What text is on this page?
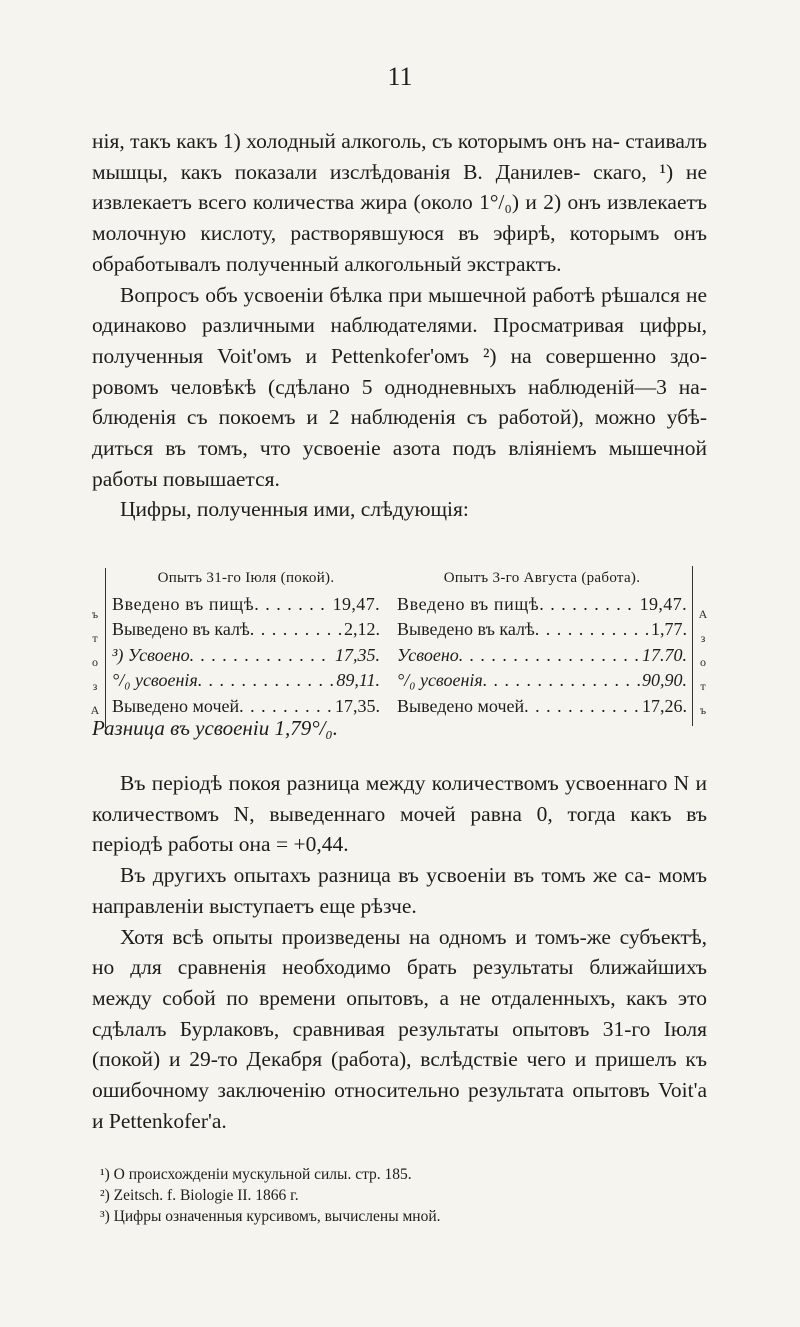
11

нія, такъ какъ 1) холодный алкоголь, съ которымъ онъ на- стаивалъ мышцы, какъ показали изслѣдованія В. Данилев- скаго, ¹) не извлекаетъ всего количества жира (около 1°/₀) и 2) онъ извлекаетъ молочную кислоту, растворявшуюся въ эфирѣ, которымъ онъ обработывалъ полученный алкогольный экстрактъ.

Вопросъ объ усвоеніи бѣлка при мышечной работѣ рѣшался не одинаково различными наблюдателями. Просматривая цифры, полученныя Voit'омъ и Pettenkofer'омъ ²) на совершенно здо- ровомъ человѣкѣ (сдѣлано 5 однодневныхъ наблюденій—3 на- блюденія съ покоемъ и 2 наблюденія съ работой), можно убѣ- диться въ томъ, что усвоеніе азота подъ вліяніемъ мышечной работы повышается.

Цифры, полученныя ими, слѣдующія:

ъ
т
о
з
А
Опытъ 31-го Іюля (покой).
Введено въ пищѣ . . .	19,47.
Выведено въ калѣ . . .	2,12.
³) Усвоено . . .	17,35.
°/₀ усвоенія . . .	89,11.
Выведено мочей . . .	17,35.
Опытъ 3-го Августа (работа).
Введено въ пищѣ . . .	19,47.
Выведено въ калѣ . . .	1,77.
Усвоено . . .	17.70.
°/₀ усвоенія . . .	90,90.
Выведено мочей . . .	17,26.
А
з
о
т
ъ
Разница въ усвоеніи 1,79°/₀.

Въ періодѣ покоя разница между количествомъ усвоеннаго N и количествомъ N, выведеннаго мочей равна 0, тогда какъ въ періодѣ работы она = +0,44.

Въ другихъ опытахъ разница въ усвоеніи въ томъ же са- момъ направленіи выступаетъ еще рѣзче.

Хотя всѣ опыты произведены на одномъ и томъ-же субъектѣ, но для сравненія необходимо брать результаты ближайшихъ между собой по времени опытовъ, а не отдаленныхъ, какъ это сдѣлалъ Бурлаковъ, сравнивая результаты опытовъ 31-го Іюля (покой) и 29-то Декабря (работа), вслѣдствіе чего и пришелъ къ ошибочному заключенію относительно результата опытовъ Voit'a и Pettenkofer'а.

¹) О происхожденіи мускульной силы. стр. 185.

²) Zeitsch. f. Biologie II. 1866 г.

³) Цифры означенныя курсивомъ, вычислены мной.
